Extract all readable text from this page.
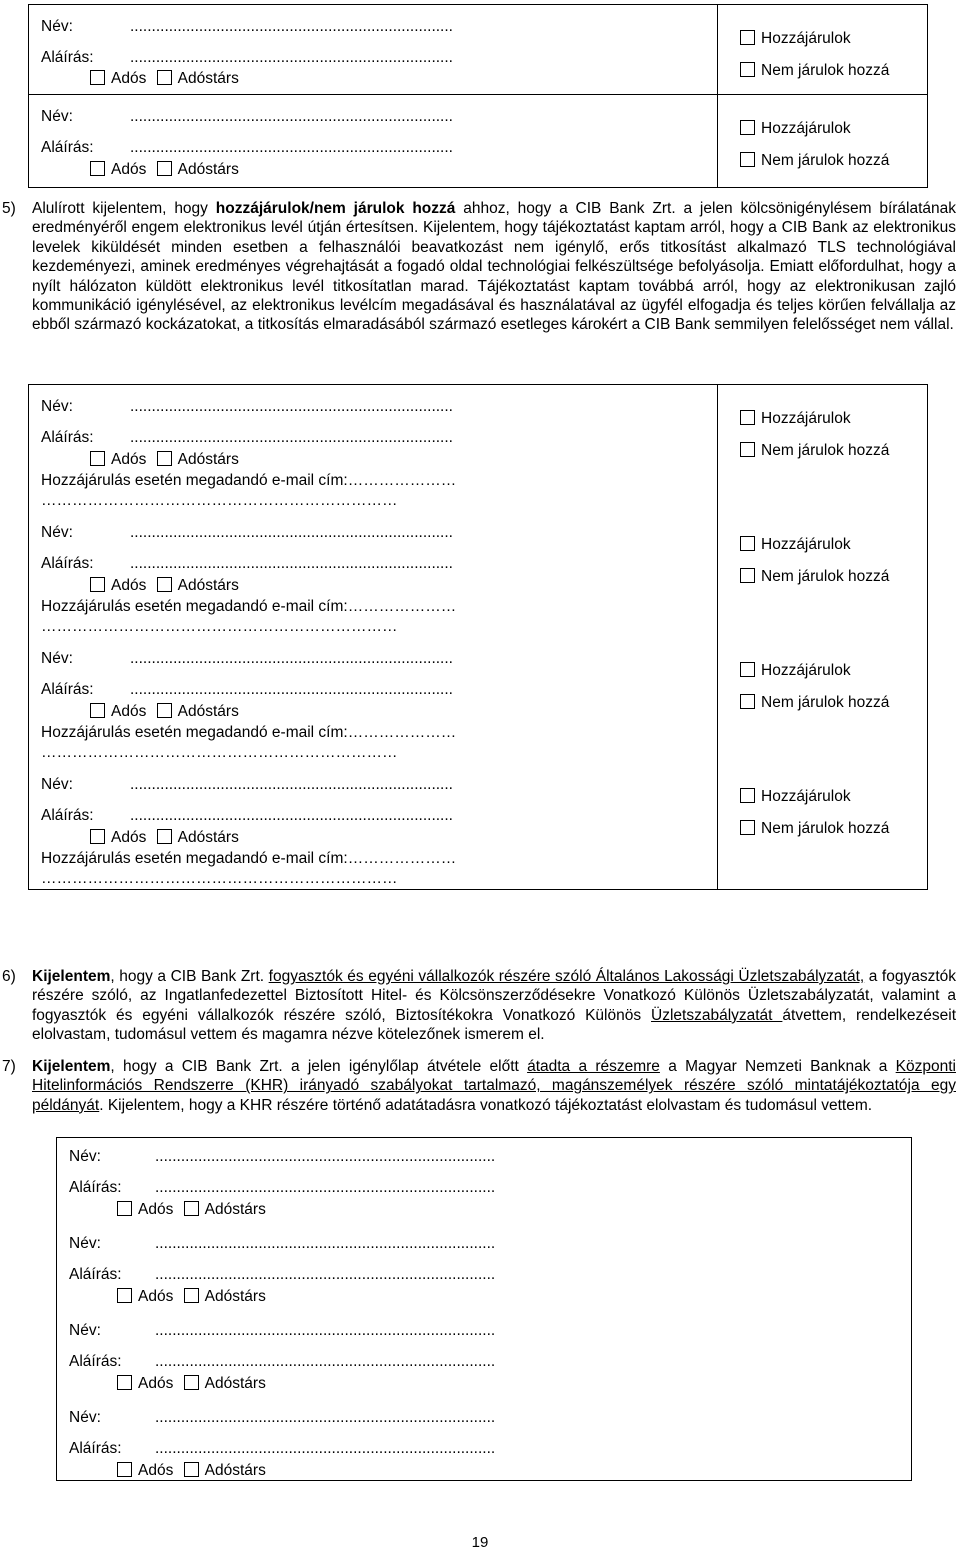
Név:	...........................................................................
Aláírás: ...........................................................................
Adós Adóstárs
Hozzájárulok
Nem járulok hozzá
Név:	...........................................................................
Aláírás: ...........................................................................
Adós Adóstárs
Hozzájárulok
Nem járulok hozzá
5) Alulírott kijelentem, hogy hozzájárulok/nem járulok hozzá ahhoz, hogy a CIB Bank Zrt. a jelen kölcsönigénylésem bírálatának eredményéről engem elektronikus levél útján értesítsen. Kijelentem, hogy tájékoztatást kaptam arról, hogy a CIB Bank az elektronikus levelek kiküldését minden esetben a felhasználói beavatkozást nem igénylő, erős titkosítást alkalmazó TLS technológiával kezdeményezi, aminek eredményes végrehajtását a fogadó oldal technológiai felkészültsége befolyásolja. Emiatt előfordulhat, hogy a nyílt hálózaton küldött elektronikus levél titkosítatlan marad. Tájékoztatást kaptam továbbá arról, hogy az elektronikusan zajló kommunikáció igénylésével, az elektronikus levélcím megadásával és használatával az ügyfél elfogadja és teljes körűen felvállalja az ebből származó kockázatokat, a titkosítás elmaradásából származó esetleges károkért a CIB Bank semmilyen felelősséget nem vállal.

Név:	...........................................................................
Aláírás: ...........................................................................
Adós Adóstárs
Hozzájárulás esetén megadandó e-mail cím:…………………
……………………………………………………………
Hozzájárulok
Nem járulok hozzá
Név:	...........................................................................
Aláírás: ...........................................................................
Adós Adóstárs
Hozzájárulás esetén megadandó e-mail cím:…………………
……………………………………………………………
Hozzájárulok
Nem járulok hozzá
Név:	...........................................................................
Aláírás: ...........................................................................
Adós Adóstárs
Hozzájárulás esetén megadandó e-mail cím:…………………
……………………………………………………………
Hozzájárulok
Nem járulok hozzá
Név:	...........................................................................
Aláírás: ...........................................................................
Adós Adóstárs
Hozzájárulás esetén megadandó e-mail cím:…………………
……………………………………………………………
Hozzájárulok
Nem járulok hozzá
6) Kijelentem, hogy a CIB Bank Zrt. fogyasztók és egyéni vállalkozók részére szóló Általános Lakossági Üzletszabályzatát, a fogyasztók részére szóló, az Ingatlanfedezettel Biztosított Hitel- és Kölcsönszerződésekre Vonatkozó Különös Üzletszabályzatát, valamint a fogyasztók és egyéni vállalkozók részére szóló, Biztosítékokra Vonatkozó Különös Üzletszabályzatát átvettem, rendelkezéseit elolvastam, tudomásul vettem és magamra nézve kötelezőnek ismerem el.

7) Kijelentem, hogy a CIB Bank Zrt. a jelen igénylőlap átvétele előtt átadta a részemre a Magyar Nemzeti Banknak a Központi Hitelinformációs Rendszerre (KHR) irányadó szabályokat tartalmazó, magánszemélyek részére szóló mintatájékoztatója egy példányát. Kijelentem, hogy a KHR részére történő adatátadásra vonatkozó tájékoztatást elolvastam és tudomásul vettem.

Név:	...............................................................................
Aláírás: ...............................................................................
Adós Adóstárs
Név:	...............................................................................
Aláírás: ...............................................................................
Adós Adóstárs
Név:	...............................................................................
Aláírás: ...............................................................................
Adós Adóstárs
Név:	...............................................................................
Aláírás: ...............................................................................
Adós Adóstárs
19
